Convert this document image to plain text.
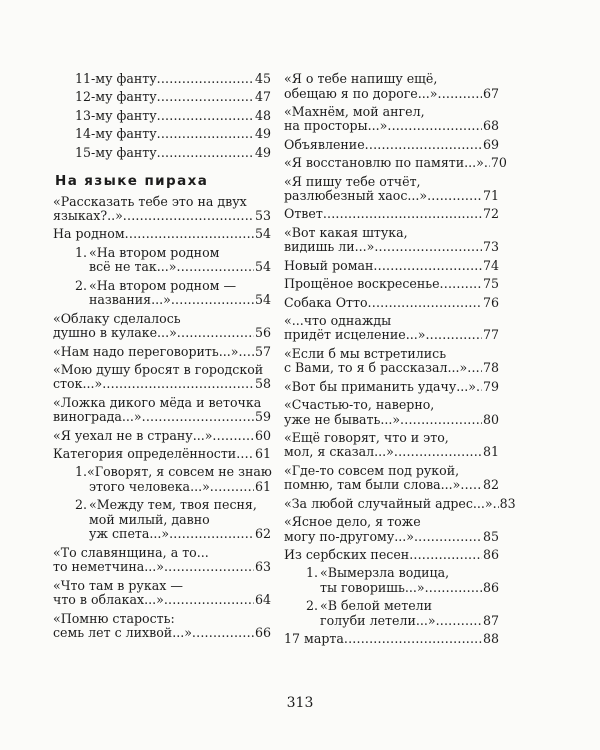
11-му фанту .....	45
12-му фанту .....	47
13-му фанту .....	48
14-му фанту .....	49
15-му фанту .....	49
На языке пираха
«Рассказать тебе это на двух
языках?..» .....	53
На родном .....	54
1. «На втором родном
всё не так...» .....	54
2. «На втором родном —
названия...» .....	54
«Облаку сделалось
душно в кулаке...» .....	56
«Нам надо переговорить...» ..... 57
«Мою душу бросят в городской
сток...» .....	58
«Ложка дикого мёда и веточка
винограда...» .....	59
«Я уехал не в страну...» .....	60
Категория определённости ..... 61
1. «Говорят, я совсем не знаю
этого человека...» .....	61
2. «Между тем, твоя песня,
мой милый, давно
уж спета...» .....	62
«То славянщина, а то...
то неметчина...» .....	63
«Что там в руках —
что в облаках...» .....	64
«Помню старость:
семь лет с лихвой...» .....	66
«Я о тебе напишу ещё,
обещаю я по дороге...» .....	67
«Махнём, мой ангел,
на просторы...» .....	68
Объявление .....	69
«Я восстановлю по памяти...» ..... 70
«Я пишу тебе отчёт,
разлюбезный хаос...» .....	71
Ответ .....	72
«Вот какая штука,
видишь ли...» .....	73
Новый роман .....	74
Прощёное воскресенье .....	75
Собака Отто .....	76
«...что однажды
придёт исцеление...» .....	77
«Если б мы встретились
с Вами, то я б рассказал...» ..... 78
«Вот бы приманить удачу...» ..... 79
«Счастью-то, наверно,
уже не бывать...» .....	80
«Ещё говорят, что и это,
мол, я сказал...» .....	81
«Где-то совсем под рукой,
помню, там были слова...» ..... 82
«За любой случайный адрес...» ..... 83
«Ясное дело, я тоже
могу по-другому...» .....	85
Из сербских песен .....	86
1. «Вымерзла водица,
ты говоришь...» .....	86
2. «В белой метели
голуби летели...» .....	87
17 марта .....	88
313
